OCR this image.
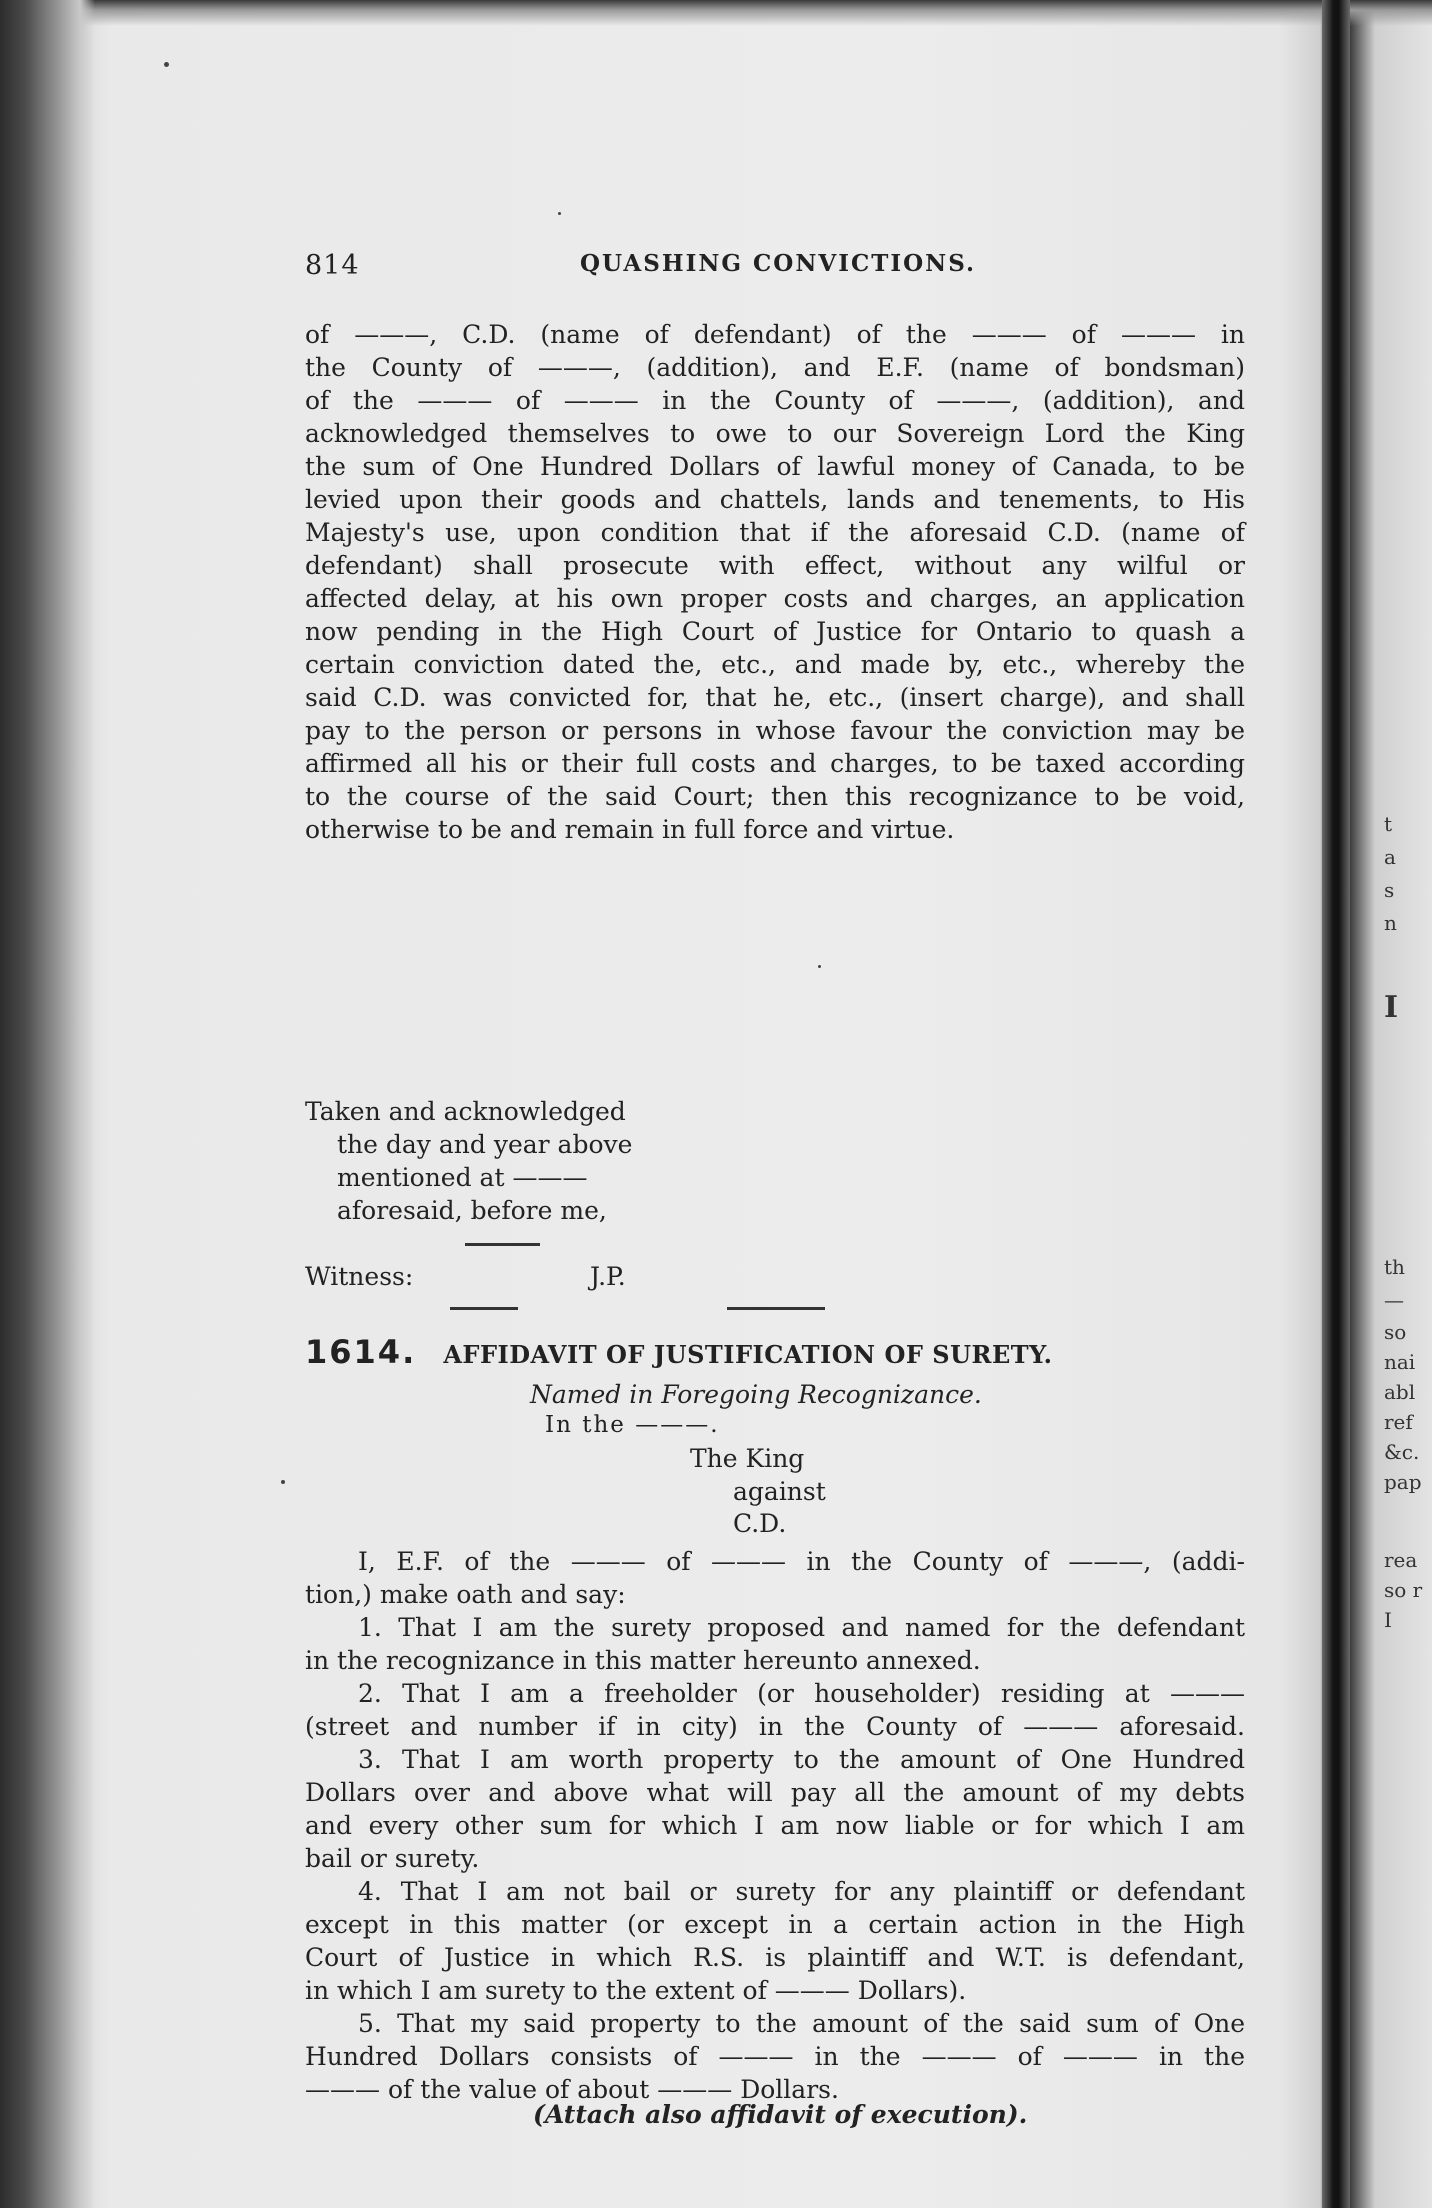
814	QUASHING CONVICTIONS.
of ———, C.D. (name of defendant) of the ——— of ——— in
the County of ———, (addition), and E.F. (name of bondsman)
of the ——— of ——— in the County of ———, (addition), and
acknowledged themselves to owe to our Sovereign Lord the King
the sum of One Hundred Dollars of lawful money of Canada, to be
levied upon their goods and chattels, lands and tenements, to His
Majesty's use, upon condition that if the aforesaid C.D. (name of
defendant) shall prosecute with effect, without any wilful or
affected delay, at his own proper costs and charges, an application
now pending in the High Court of Justice for Ontario to quash a
certain conviction dated the, etc., and made by, etc., whereby the
said C.D. was convicted for, that he, etc., (insert charge), and shall
pay to the person or persons in whose favour the conviction may be
affirmed all his or their full costs and charges, to be taxed according
to the course of the said Court; then this recognizance to be void,
otherwise to be and remain in full force and virtue.
Taken and acknowledged
the day and year above
mentioned at ———
aforesaid, before me,
Witness:	J.P.
1614. AFFIDAVIT OF JUSTIFICATION OF SURETY.
Named in Foregoing Recognizance.
In the ———.
The King
against
C.D.
I, E.F. of the ——— of ——— in the County of ———, (addi-
tion,) make oath and say:
1. That I am the surety proposed and named for the defendant
in the recognizance in this matter hereunto annexed.
2. That I am a freeholder (or householder) residing at ———
(street and number if in city) in the County of ——— aforesaid.
3. That I am worth property to the amount of One Hundred
Dollars over and above what will pay all the amount of my debts
and every other sum for which I am now liable or for which I am
bail or surety.
4. That I am not bail or surety for any plaintiff or defendant
except in this matter (or except in a certain action in the High
Court of Justice in which R.S. is plaintiff and W.T. is defendant,
in which I am surety to the extent of ——— Dollars).
5. That my said property to the amount of the said sum of One
Hundred Dollars consists of ——— in the ——— of ——— in the
——— of the value of about ——— Dollars.
(Attach also affidavit of execution).
t
a
s
n
I
th
—
so
nai
abl
ref
&c.
pap
rea
so r
I
